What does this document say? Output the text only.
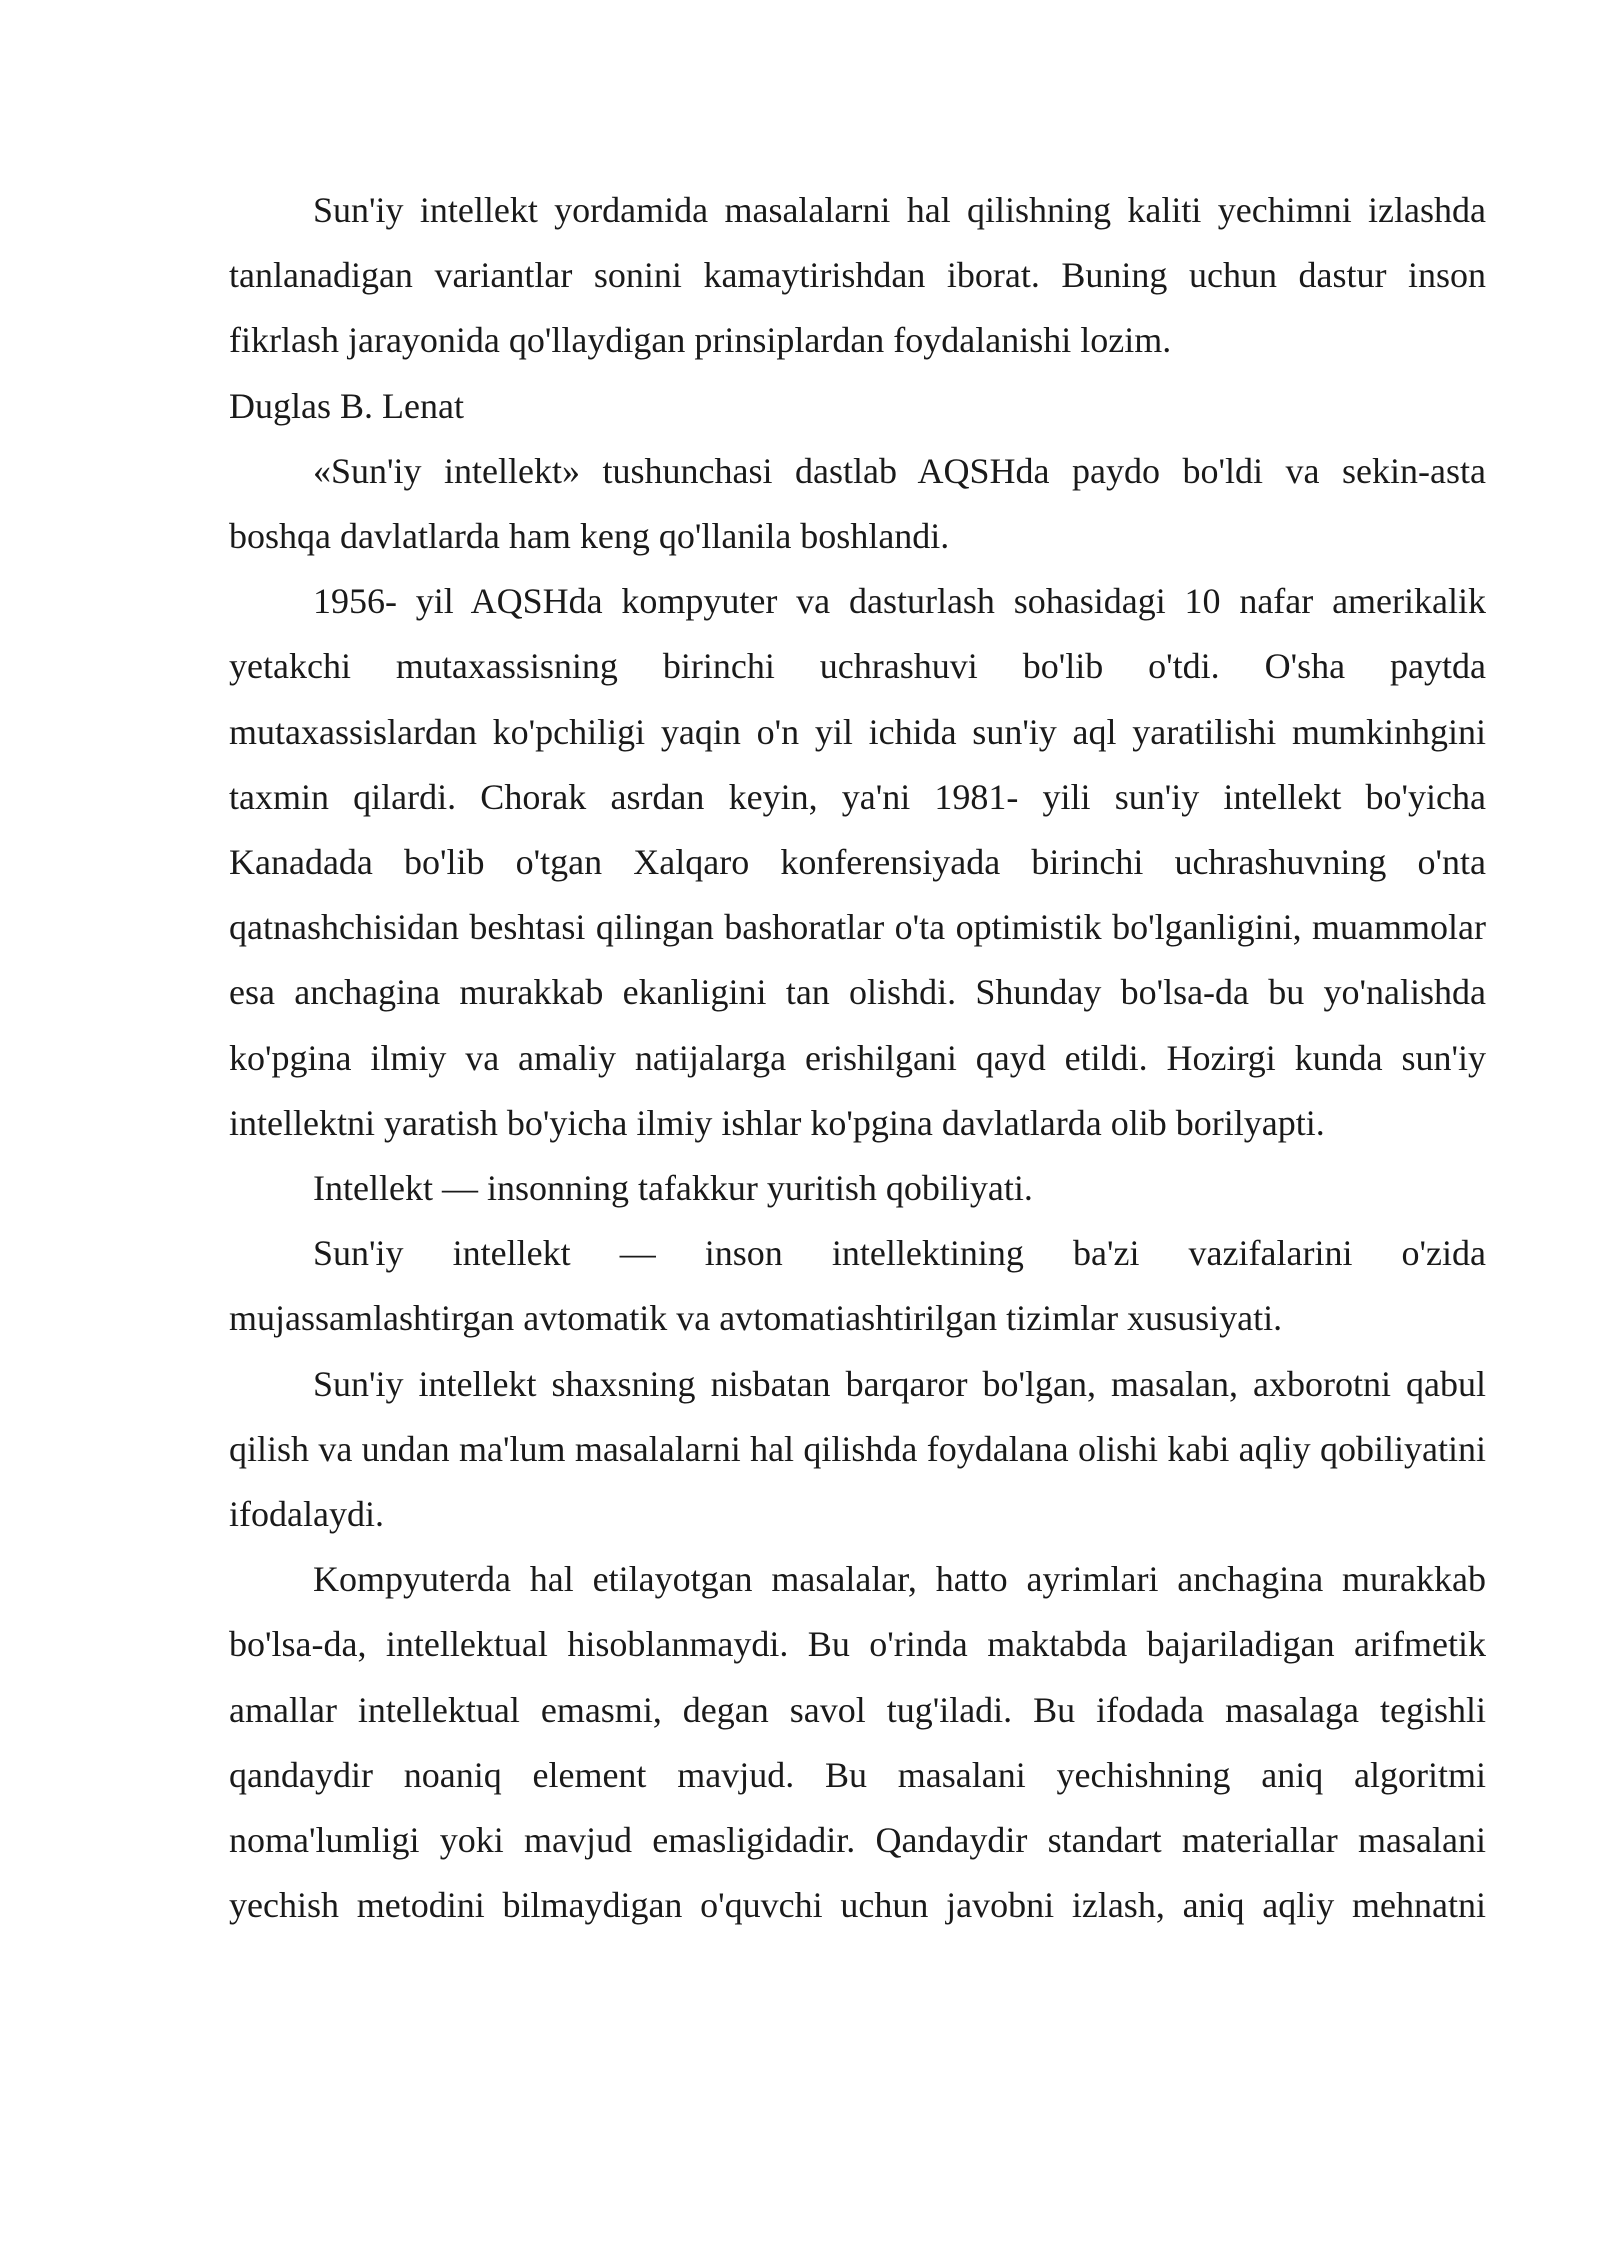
Sun'iy intellekt yordamida masalalarni hal qilishning kaliti yechimni izlashda tanlanadigan variantlar sonini kamaytirishdan iborat. Buning uchun dastur inson fikrlash jarayonida qo'llaydigan prinsiplardan foydalanishi lozim.

Duglas B. Lenat

«Sun'iy intellekt» tushunchasi dastlab AQSHda paydo bo'ldi va sekin-asta boshqa davlatlarda ham keng qo'llanila boshlandi.

1956- yil AQSHda kompyuter va dasturlash sohasidagi 10 nafar amerikalik yetakchi mutaxassisning birinchi uchrashuvi bo'lib o'tdi. O'sha paytda mutaxassislardan ko'pchiligi yaqin o'n yil ichida sun'iy aql yaratilishi mumkinhgini taxmin qilardi. Chorak asrdan keyin, ya'ni 1981- yili sun'iy intellekt bo'yicha Kanadada bo'lib o'tgan Xalqaro konferensiyada birinchi uchrashuvning o'nta qatnashchisidan beshtasi qilingan bashoratlar o'ta optimistik bo'lganligini, muammolar esa anchagina murakkab ekanligini tan olishdi. Shunday bo'lsa-da bu yo'nalishda ko'pgina ilmiy va amaliy natijalarga erishilgani qayd etildi. Hozirgi kunda sun'iy intellektni yaratish bo'yicha ilmiy ishlar ko'pgina davlatlarda olib borilyapti.

Intellekt — insonning tafakkur yuritish qobiliyati.

Sun'iy intellekt — inson intellektining ba'zi vazifalarini o'zida mujassamlashtirgan avtomatik va avtomatiashtirilgan tizimlar xususiyati.

Sun'iy intellekt shaxsning nisbatan barqaror bo'lgan, masalan, axborotni qabul qilish va undan ma'lum masalalarni hal qilishda foydalana olishi kabi aqliy qobiliyatini ifodalaydi.

Kompyuterda hal etilayotgan masalalar, hatto ayrimlari anchagina murakkab bo'lsa-da, intellektual hisoblanmaydi. Bu o'rinda maktabda bajariladigan arifmetik amallar intellektual emasmi, degan savol tug'iladi. Bu ifodada masalaga tegishli qandaydir noaniq element mavjud. Bu masalani yechishning aniq algoritmi noma'lumligi yoki mavjud emasligidadir. Qandaydir standart materiallar masalani yechish metodini bilmaydigan o'quvchi uchun javobni izlash, aniq aqliy mehnatni
